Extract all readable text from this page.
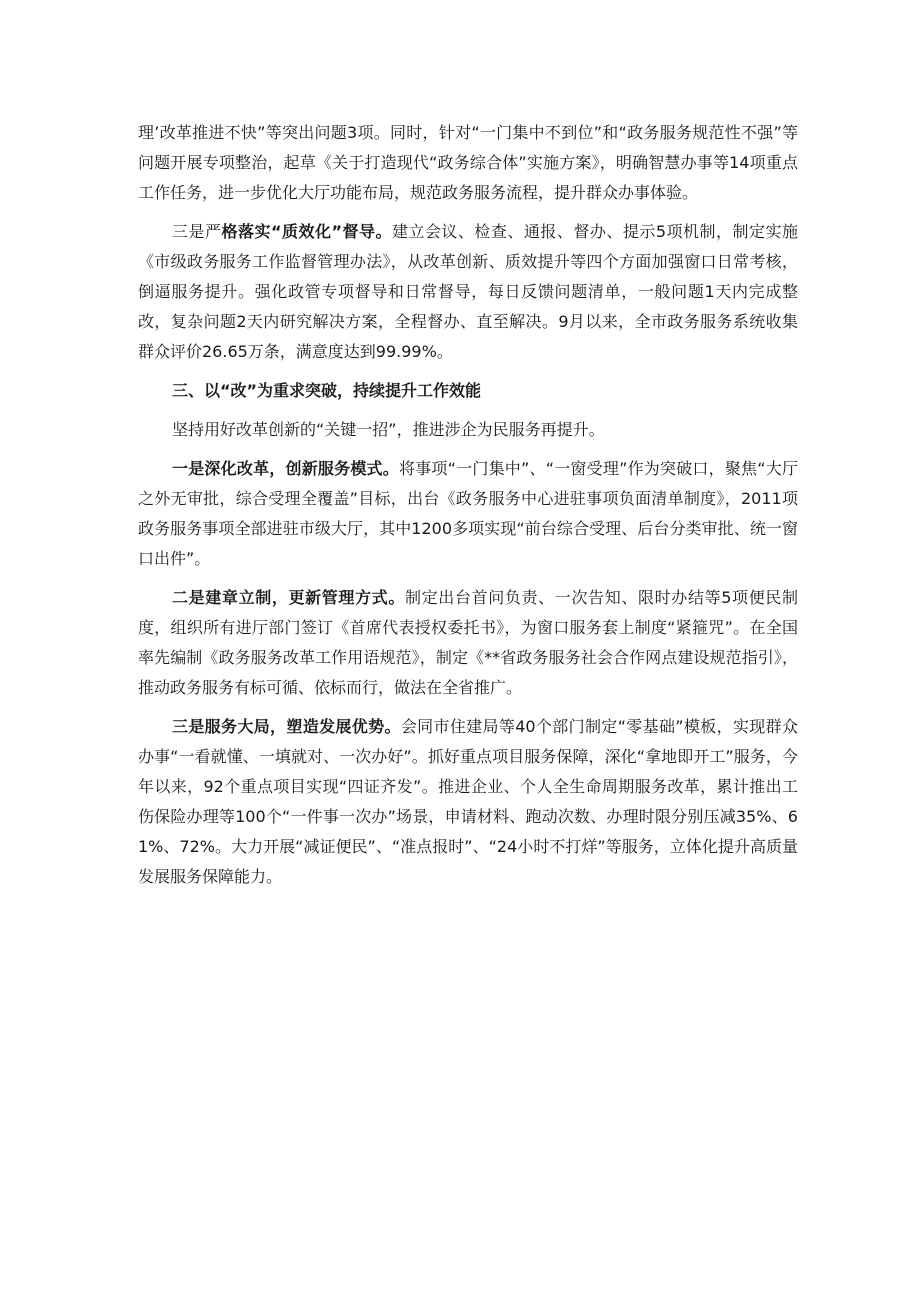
理’改革推进不快”等突出问题3项。同时，针对“一门集中不到位”和“政务服务规范性不强”等问题开展专项整治，起草《关于打造现代“政务综合体”实施方案》，明确智慧办事等14项重点工作任务，进一步优化大厅功能布局，规范政务服务流程，提升群众办事体验。

三是严格落实“质效化”督导。建立会议、检查、通报、督办、提示5项机制，制定实施《市级政务服务工作监督管理办法》，从改革创新、质效提升等四个方面加强窗口日常考核，倒逼服务提升。强化政管专项督导和日常督导，每日反馈问题清单，一般问题1天内完成整改，复杂问题2天内研究解决方案，全程督办、直至解决。9月以来，全市政务服务系统收集群众评价26.65万条，满意度达到99.99%。

三、以“改”为重求突破，持续提升工作效能

坚持用好改革创新的“关键一招”，推进涉企为民服务再提升。

一是深化改革，创新服务模式。将事项“一门集中”、“一窗受理”作为突破口，聚焦“大厅之外无审批，综合受理全覆盖”目标，出台《政务服务中心进驻事项负面清单制度》，2011项政务服务事项全部进驻市级大厅，其中1200多项实现“前台综合受理、后台分类审批、统一窗口出件”。

二是建章立制，更新管理方式。制定出台首问负责、一次告知、限时办结等5项便民制度，组织所有进厅部门签订《首席代表授权委托书》，为窗口服务套上制度“紧箍咒”。在全国率先编制《政务服务改革工作用语规范》，制定《**省政务服务社会合作网点建设规范指引》，推动政务服务有标可循、依标而行，做法在全省推广。

三是服务大局，塑造发展优势。会同市住建局等40个部门制定“零基础”模板，实现群众办事“一看就懂、一填就对、一次办好”。抓好重点项目服务保障，深化“拿地即开工”服务，今年以来，92个重点项目实现“四证齐发”。推进企业、个人全生命周期服务改革，累计推出工伤保险办理等100个“一件事一次办”场景，申请材料、跑动次数、办理时限分别压减35%、61%、72%。大力开展“减证便民”、“准点报时”、“24小时不打烊”等服务，立体化提升高质量发展服务保障能力。
